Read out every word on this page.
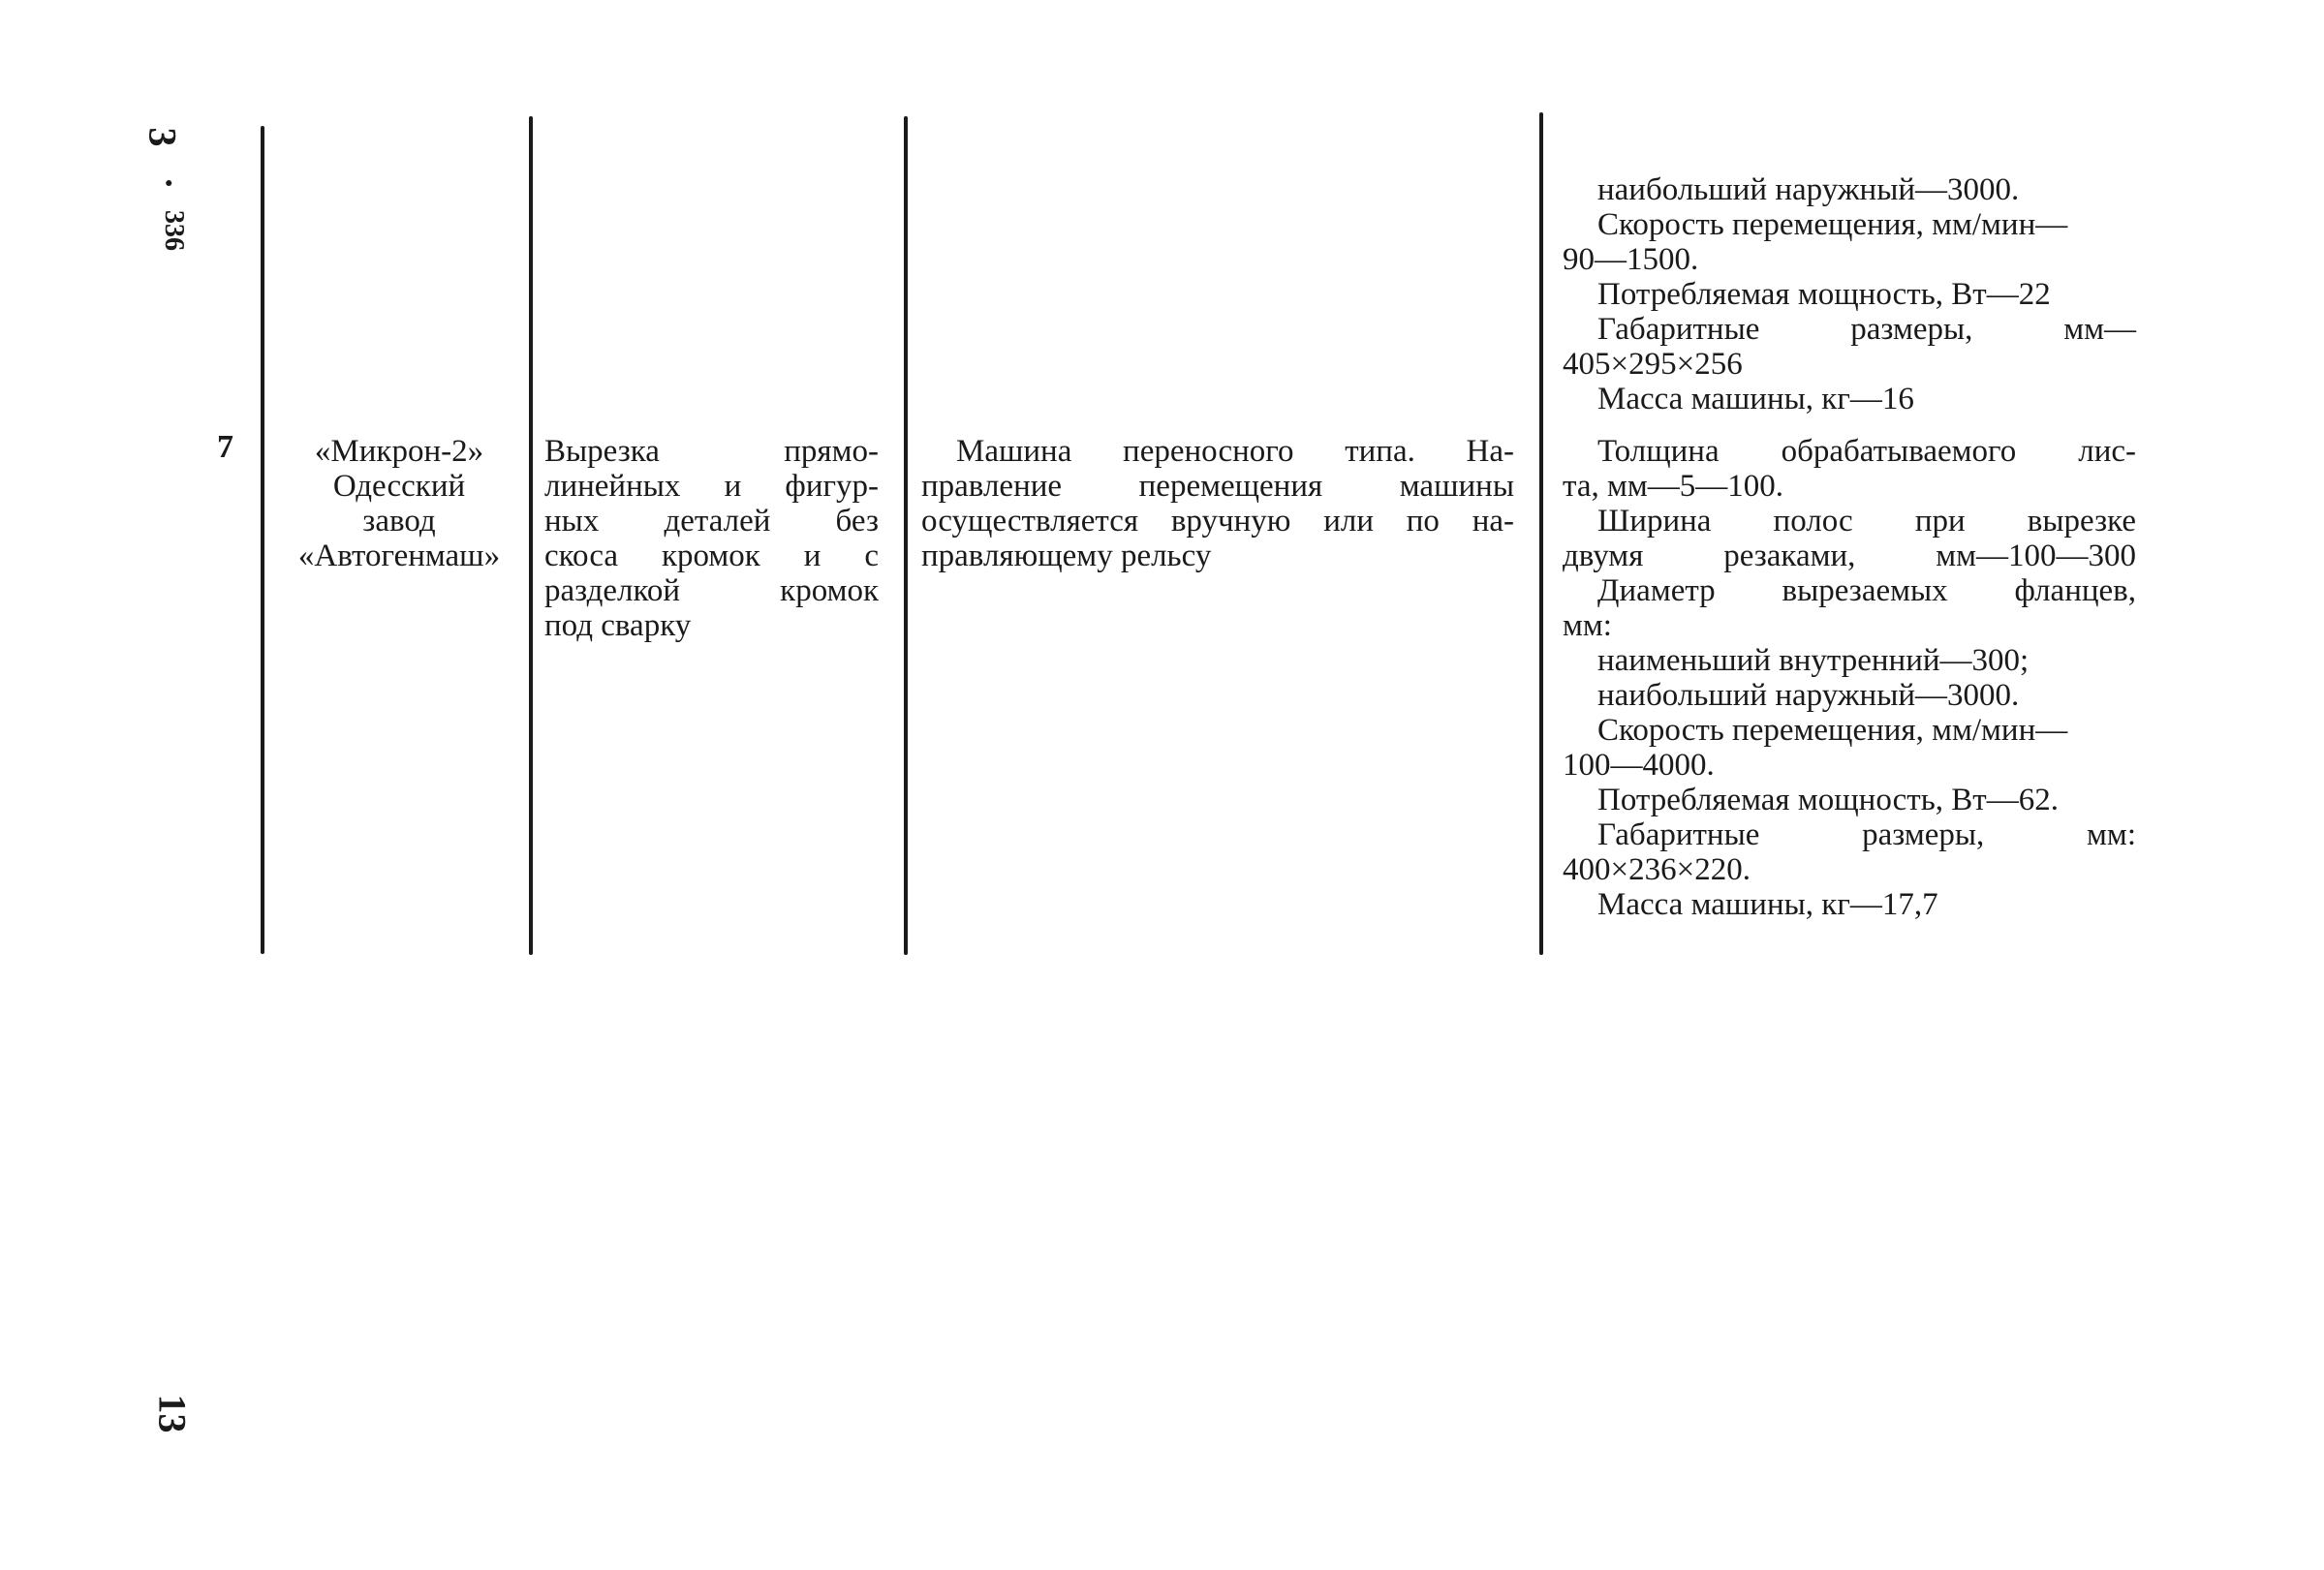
3
•
336
13
наибольший наружный—3000.
Скорость перемещения, мм/мин—
90—1500.
Потребляемая мощность, Вт—22
Габаритные размеры, мм—
405×295×256
Масса машины, кг—16
7	«Микрон-2»
Одесский
завод
«Автогенмаш»
Вырезка прямо-
линейных и фигур-
ных деталей без
скоса кромок и с
разделкой кромок
под сварку
Машина переносного типа. На-
правление перемещения машины
осуществляется вручную или по на-
правляющему рельсу
Толщина обрабатываемого лис-
та, мм—5—100.
Ширина полос при вырезке
двумя резаками, мм—100—300
Диаметр вырезаемых фланцев,
мм:
наименьший внутренний—300;
наибольший наружный—3000.
Скорость перемещения, мм/мин—
100—4000.
Потребляемая мощность, Вт—62.
Габаритные размеры, мм:
400×236×220.
Масса машины, кг—17,7
